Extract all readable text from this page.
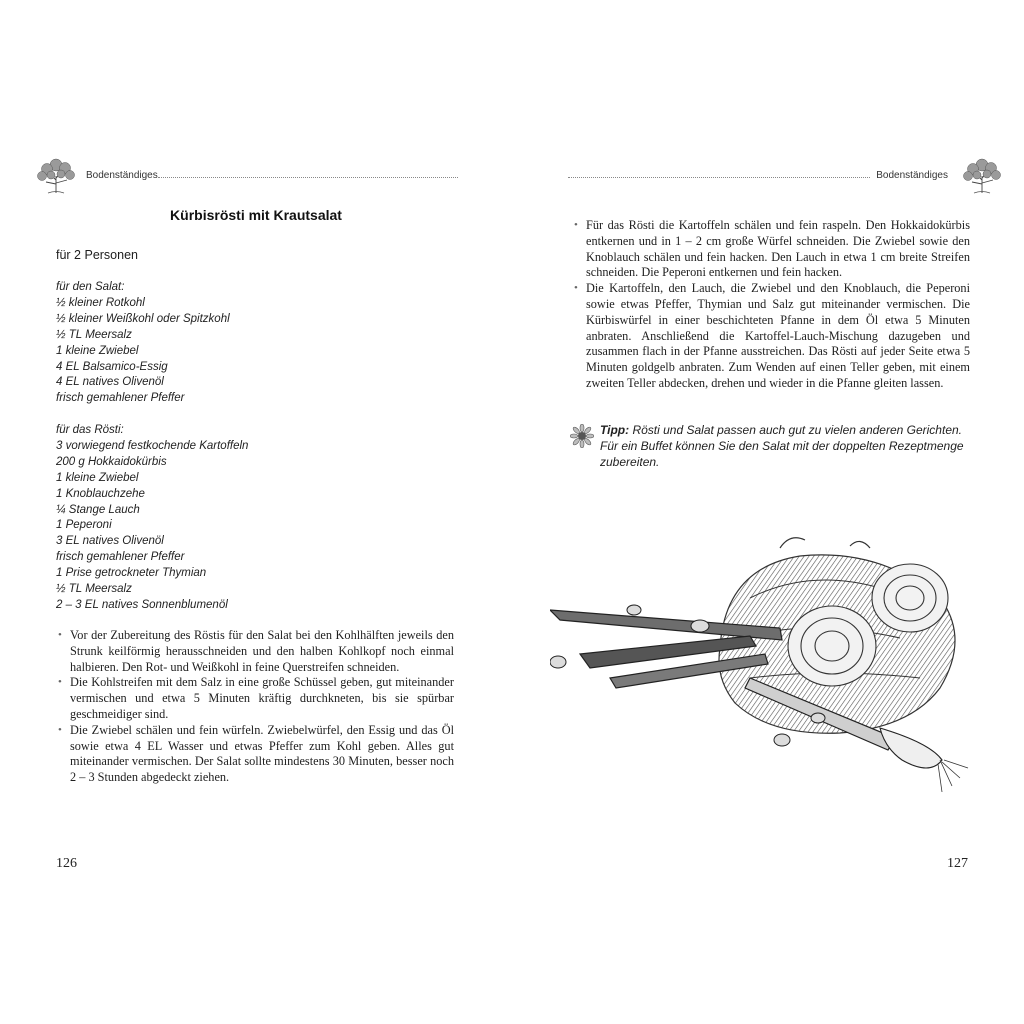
Bodenständiges
Kürbisrösti mit Krautsalat
für 2 Personen
für den Salat:
½ kleiner Rotkohl
½ kleiner Weißkohl oder Spitzkohl
½ TL Meersalz
1 kleine Zwiebel
4 EL Balsamico-Essig
4 EL natives Olivenöl
frisch gemahlener Pfeffer
für das Rösti:
3 vorwiegend festkochende Kartoffeln
200 g Hokkaidokürbis
1 kleine Zwiebel
1 Knoblauchzehe
¼ Stange Lauch
1 Peperoni
3 EL natives Olivenöl
frisch gemahlener Pfeffer
1 Prise getrockneter Thymian
½ TL Meersalz
2 – 3 EL natives Sonnenblumenöl
• Vor der Zubereitung des Röstis für den Salat bei den Kohlhälften jeweils den Strunk keilförmig herausschneiden und den halben Kohlkopf noch einmal halbieren. Den Rot- und Weißkohl in feine Querstreifen schneiden.
• Die Kohlstreifen mit dem Salz in eine große Schüssel geben, gut miteinander vermischen und etwa 5 Minuten kräftig durchkneten, bis sie spürbar geschmeidiger sind.
• Die Zwiebel schälen und fein würfeln. Zwiebelwürfel, den Essig und das Öl sowie etwa 4 EL Wasser und etwas Pfeffer zum Kohl geben. Alles gut miteinander vermischen. Der Salat sollte mindestens 30 Minuten, besser noch 2 – 3 Stunden abgedeckt ziehen.
126
Bodenständiges
• Für das Rösti die Kartoffeln schälen und fein raspeln. Den Hokkaidokürbis entkernen und in 1 – 2 cm große Würfel schneiden. Die Zwiebel sowie den Knoblauch schälen und fein hacken. Den Lauch in etwa 1 cm breite Streifen schneiden. Die Peperoni entkernen und fein hacken.
• Die Kartoffeln, den Lauch, die Zwiebel und den Knoblauch, die Peperoni sowie etwas Pfeffer, Thymian und Salz gut miteinander vermischen. Die Kürbiswürfel in einer beschichteten Pfanne in dem Öl etwa 5 Minuten anbraten. Anschließend die Kartoffel-Lauch-Mischung dazugeben und zusammen flach in der Pfanne ausstreichen. Das Rösti auf jeder Seite etwa 5 Minuten goldgelb anbraten. Zum Wenden auf einen Teller geben, mit einem zweiten Teller abdecken, drehen und wieder in die Pfanne gleiten lassen.
Tipp: Rösti und Salat passen auch gut zu vielen anderen Gerichten. Für ein Buffet können Sie den Salat mit der doppelten Rezeptmenge zubereiten.
127
